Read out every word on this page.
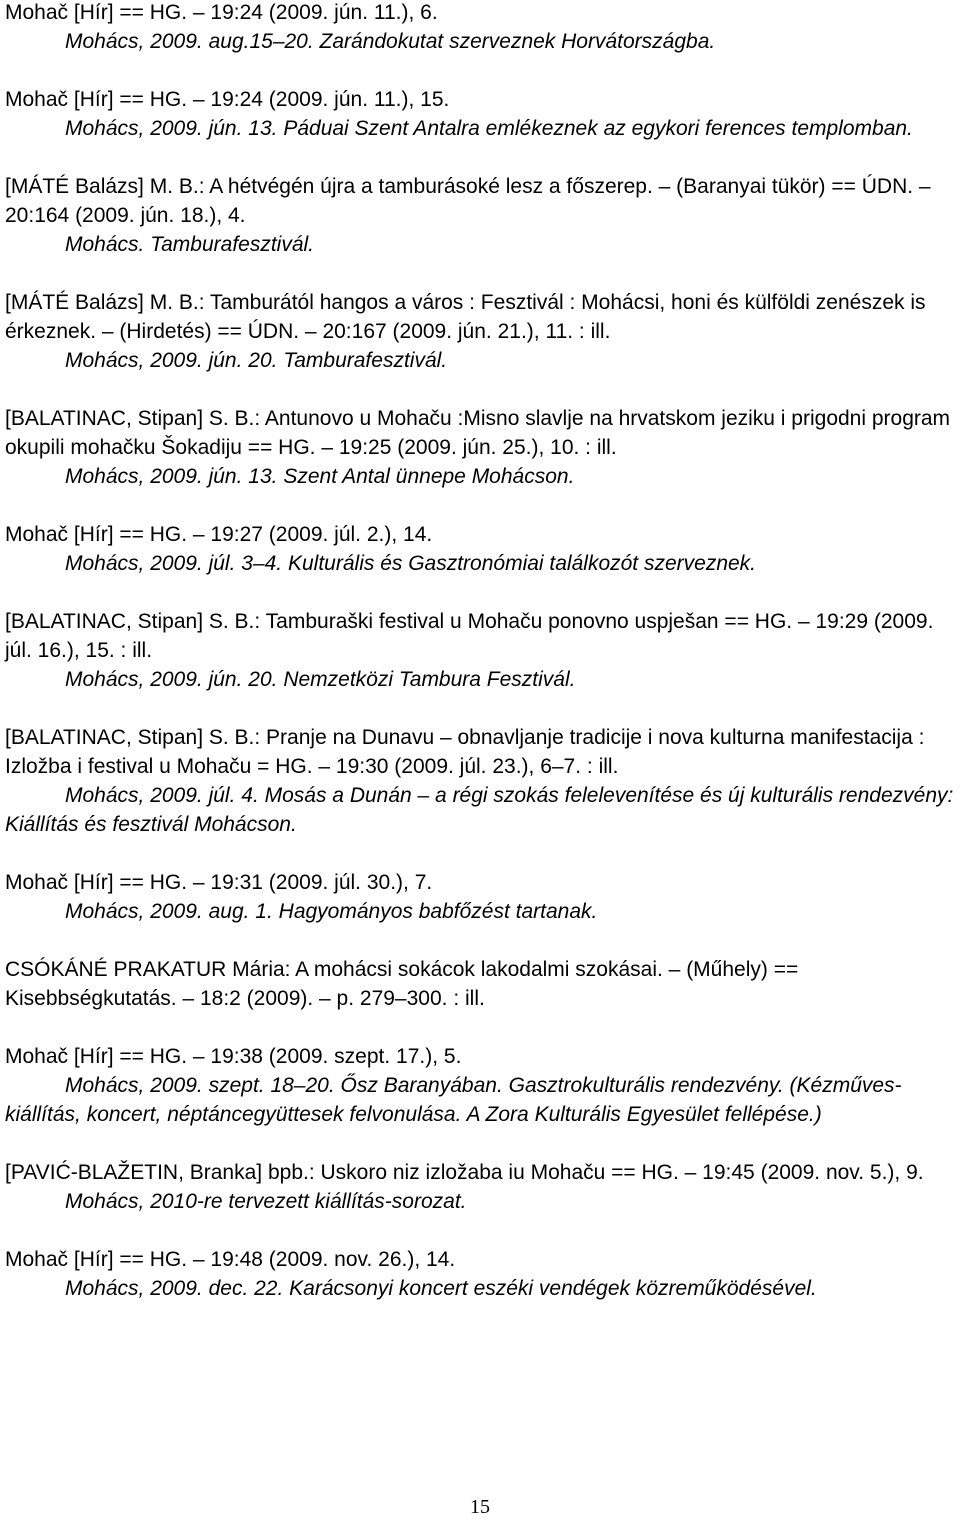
Mohač [Hír] == HG. – 19:24 (2009. jún. 11.), 6.

Mohács, 2009. aug.15–20. Zarándokutat szerveznek Horvátországba.

Mohač [Hír] == HG. – 19:24 (2009. jún. 11.), 15.

Mohács, 2009. jún. 13. Páduai Szent Antalra emlékeznek az egykori ferences templomban.

[MÁTÉ Balázs] M. B.: A hétvégén újra a tamburásoké lesz a főszerep. – (Baranyai tükör) == ÚDN. – 20:164 (2009. jún. 18.), 4.

Mohács. Tamburafesztivál.

[MÁTÉ Balázs] M. B.: Tamburától hangos a város : Fesztivál : Mohácsi, honi és külföldi zenészek is érkeznek. – (Hirdetés) == ÚDN. – 20:167 (2009. jún. 21.), 11. : ill.

Mohács, 2009. jún. 20. Tamburafesztivál.

[BALATINAC, Stipan] S. B.: Antunovo u Mohaču :Misno slavlje na hrvatskom jeziku i prigodni program okupili mohačku Šokadiju == HG. – 19:25 (2009. jún. 25.), 10. : ill.

Mohács, 2009. jún. 13. Szent Antal ünnepe Mohácson.

Mohač [Hír] == HG. – 19:27 (2009. júl. 2.), 14.

Mohács, 2009. júl. 3–4. Kulturális és Gasztronómiai találkozót szerveznek.

[BALATINAC, Stipan] S. B.: Tamburaški festival u Mohaču ponovno uspješan == HG. – 19:29 (2009. júl. 16.), 15. : ill.

Mohács, 2009. jún. 20. Nemzetközi Tambura Fesztivál.

[BALATINAC, Stipan] S. B.: Pranje na Dunavu – obnavljanje tradicije i nova kulturna manifestacija : Izložba i festival u Mohaču = HG. – 19:30 (2009. júl. 23.), 6–7. : ill.

Mohács, 2009. júl. 4. Mosás a Dunán – a régi szokás felelevenítése és új kulturális rendezvény: Kiállítás és fesztivál Mohácson.

Mohač [Hír] == HG. – 19:31 (2009. júl. 30.), 7.

Mohács, 2009. aug. 1. Hagyományos babfőzést tartanak.

CSÓKÁNÉ PRAKATUR Mária: A mohácsi sokácok lakodalmi szokásai. – (Műhely) == Kisebbségkutatás. – 18:2 (2009). – p. 279–300. : ill.

Mohač [Hír] == HG. – 19:38 (2009. szept. 17.), 5.

Mohács, 2009. szept. 18–20. Ősz Baranyában. Gasztrokulturális rendezvény. (Kézműves-kiállítás, koncert, néptáncegyüttesek felvonulása. A Zora Kulturális Egyesület fellépése.)

[PAVIĆ-BLAŽETIN, Branka] bpb.: Uskoro niz izložaba iu Mohaču == HG. – 19:45 (2009. nov. 5.), 9.

Mohács, 2010-re tervezett kiállítás-sorozat.

Mohač [Hír] == HG. – 19:48 (2009. nov. 26.), 14.

Mohács, 2009. dec. 22. Karácsonyi koncert eszéki vendégek közreműködésével.

15
